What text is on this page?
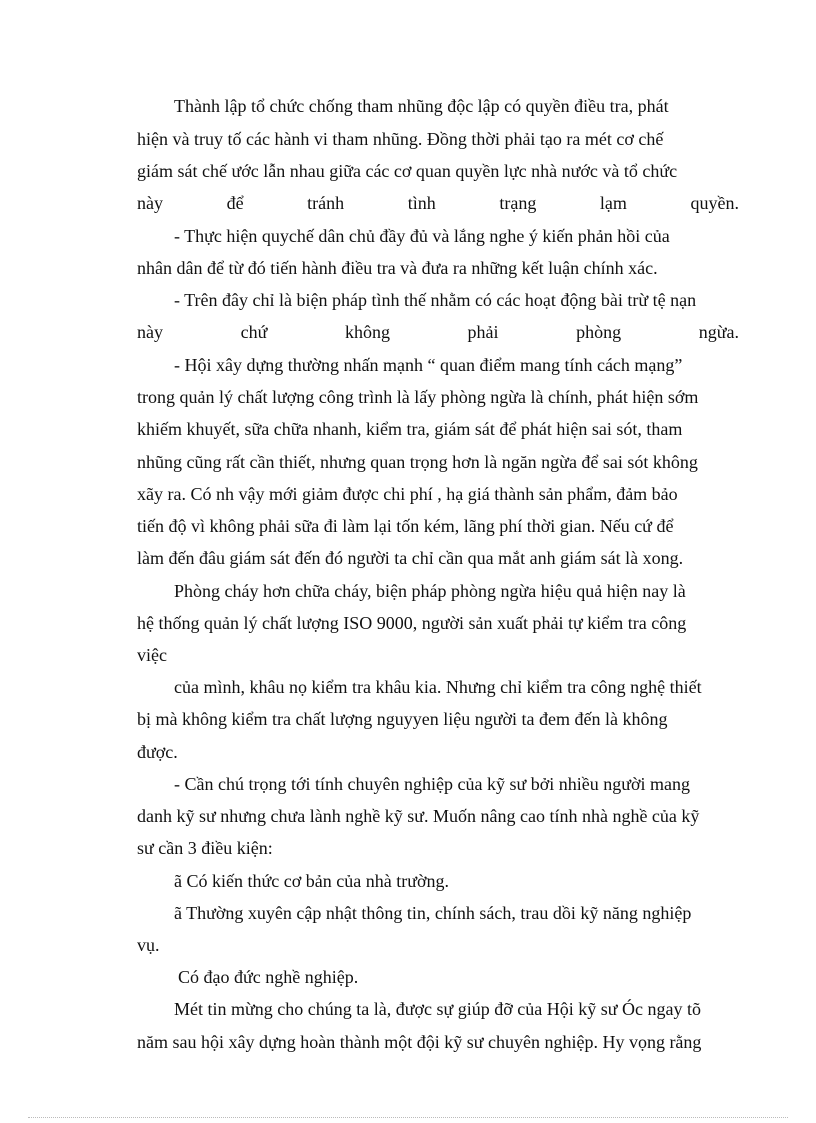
Thành lập tổ chức chống tham nhũng độc lập có quyền điều tra, phát

hiện và truy tố các hành vi tham nhũng. Đồng thời phải tạo ra mét cơ chế

giám sát chế ước lẫn nhau giữa các cơ quan quyền lực nhà nước và tổ chức

này để tránh tình trạng lạm quyền.

- Thực hiện quychế dân chủ đầy đủ và lắng nghe ý kiến phản hồi của

nhân dân để từ đó tiến hành điều tra và đưa ra những kết luận chính xác.

- Trên đây chỉ là biện pháp tình thế nhằm có các hoạt động bài trừ tệ nạn

này chứ không phải phòng ngừa.

- Hội xây dựng thường nhấn mạnh “ quan điểm mang tính cách mạng”

trong quản lý chất lượng công trình là lấy phòng ngừa là chính, phát hiện sớm

khiếm khuyết, sữa chữa nhanh, kiểm tra, giám sát để phát hiện sai sót, tham

nhũng cũng rất cần thiết, nhưng quan trọng hơn là ngăn ngừa để sai sót không

xãy ra. Có nh vậy mới giảm được chi phí , hạ giá thành sản phẩm, đảm bảo

tiến độ vì không phải sữa đi làm lại tốn kém, lãng phí thời gian. Nếu cứ để

làm đến đâu giám sát đến đó người ta chỉ cần qua mắt anh giám sát là xong.

Phòng cháy hơn chữa cháy, biện pháp phòng ngừa hiệu quả hiện nay là

hệ thống quản lý chất lượng ISO 9000, người sản xuất phải tự kiểm tra công

việc

của mình, khâu nọ kiểm tra khâu kia. Nhưng chỉ kiểm tra công nghệ thiết

bị mà không kiểm tra chất lượng nguyyen liệu người ta đem đến là không

được.

- Cần chú trọng tới tính chuyên nghiệp của kỹ sư bởi nhiều người mang

danh kỹ sư nhưng chưa lành nghề kỹ sư. Muốn nâng cao tính nhà nghề của kỹ

sư cần 3 điều kiện:

ã Có kiến thức cơ bản của nhà trường.

ã Thường xuyên cập nhật thông tin, chính sách, trau dồi kỹ năng nghiệp

vụ.

Có đạo đức nghề nghiệp.

Mét tin mừng cho chúng ta là, được sự giúp đỡ của Hội kỹ sư Óc ngay tõ

năm sau hội xây dựng hoàn thành một đội kỹ sư chuyên nghiệp. Hy vọng rằng
